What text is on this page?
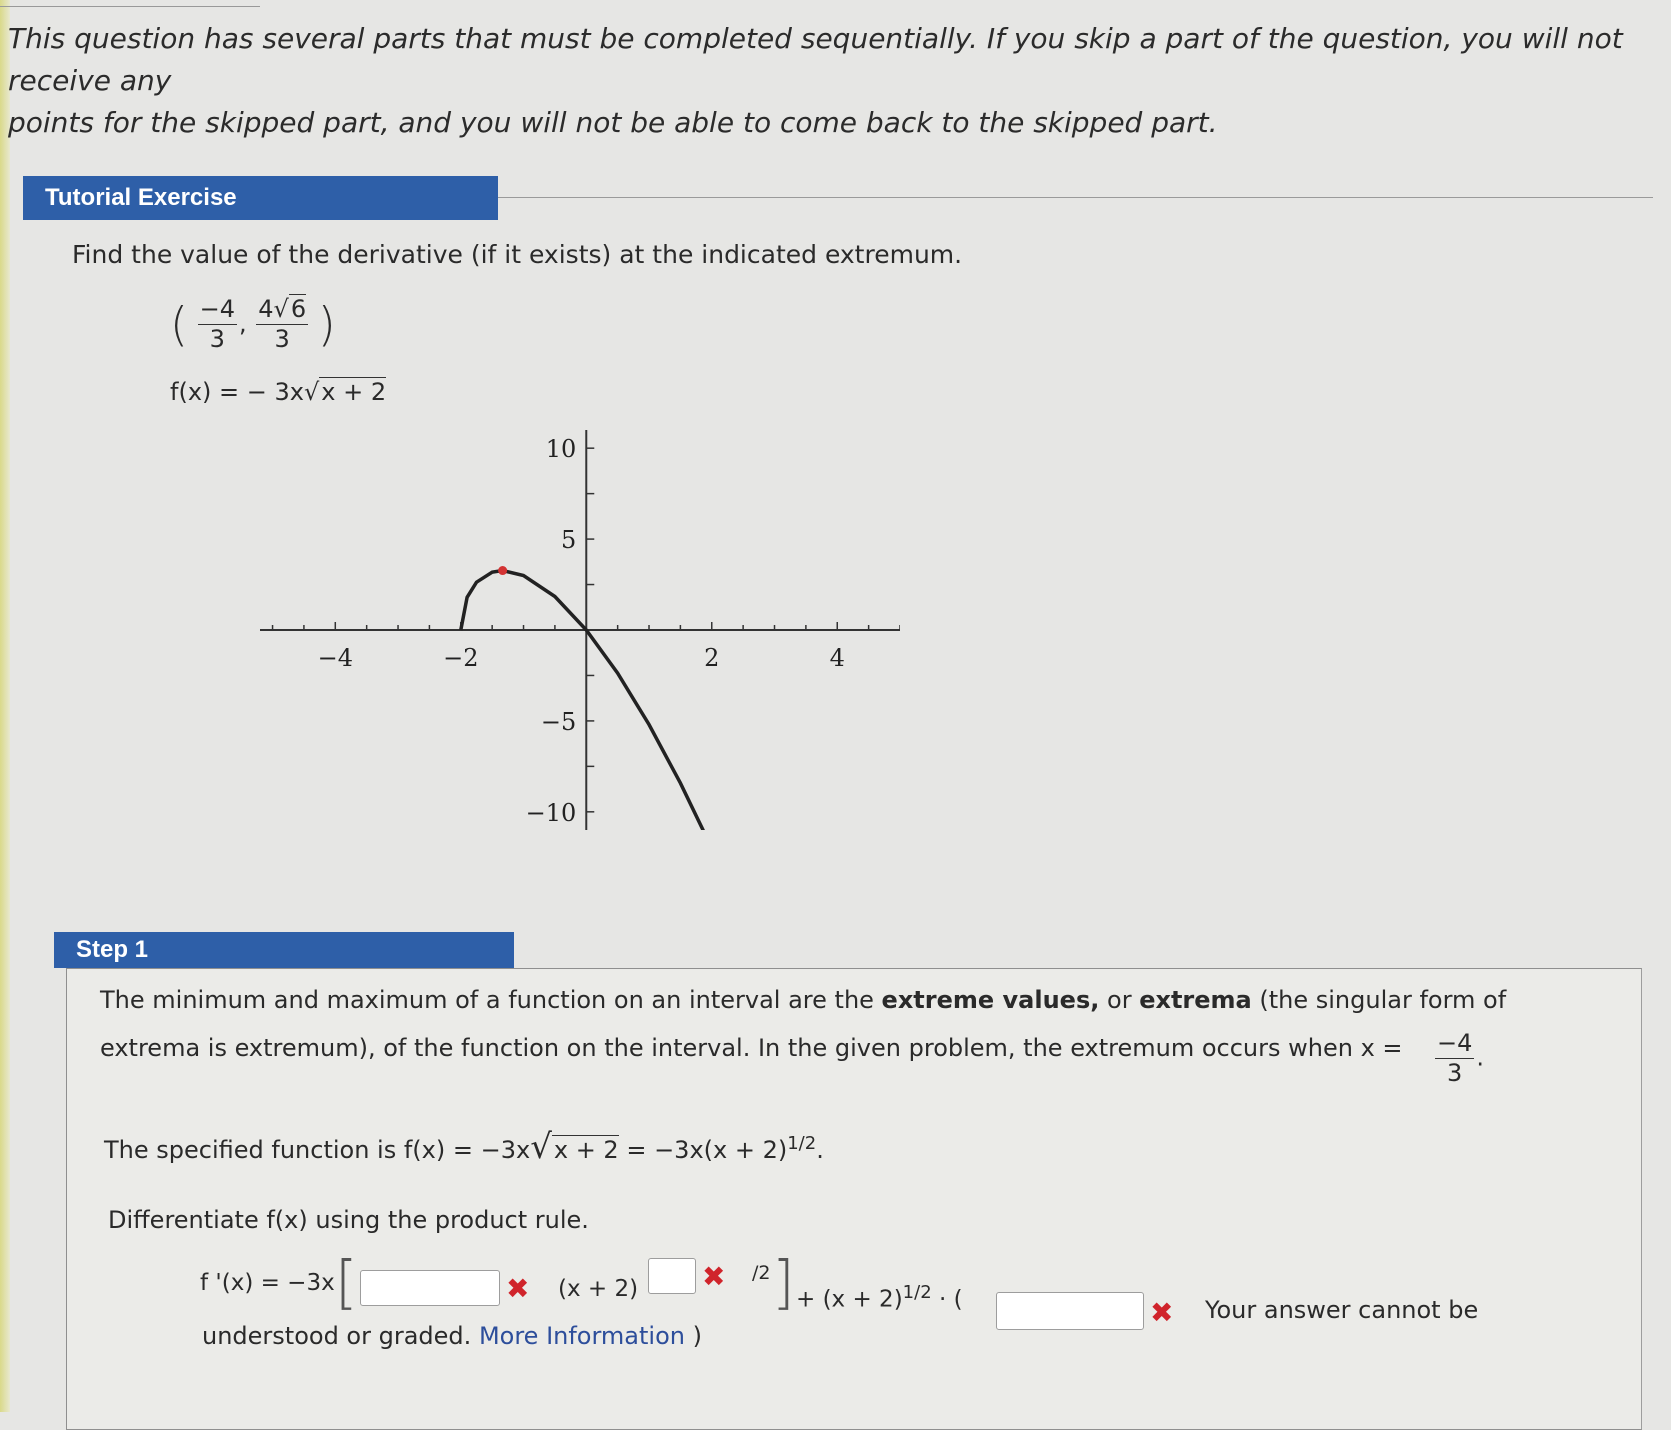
This question has several parts that must be completed sequentially. If you skip a part of the question, you will not receive any
points for the skipped part, and you will not be able to come back to the skipped part.
Tutorial Exercise
Find the value of the derivative (if it exists) at the indicated extremum.
( $\frac{-4}{3}$ , $\frac{4√6}{3}$ )
f(x) = − 3x√x + 2
−4	−2	2	4
10
5
−5
−10
Step 1
The minimum and maximum of a function on an interval are the extreme values, or extrema (the singular form of
extrema is extremum), of the function on the interval. In the given problem, the extremum occurs when $x = \frac{-4}{3}$ .
The specified function is $f(x) = -3x√x + 2 = -3x(x + 2)^{1/2}$.
Differentiate f(x) using the product rule.
f '(x) = −3x [	✖ (x + 2) ✖ /2 ] + $(x + 2)^{1/2}$ · (	✖ Your answer cannot be
understood or graded. More Information )
